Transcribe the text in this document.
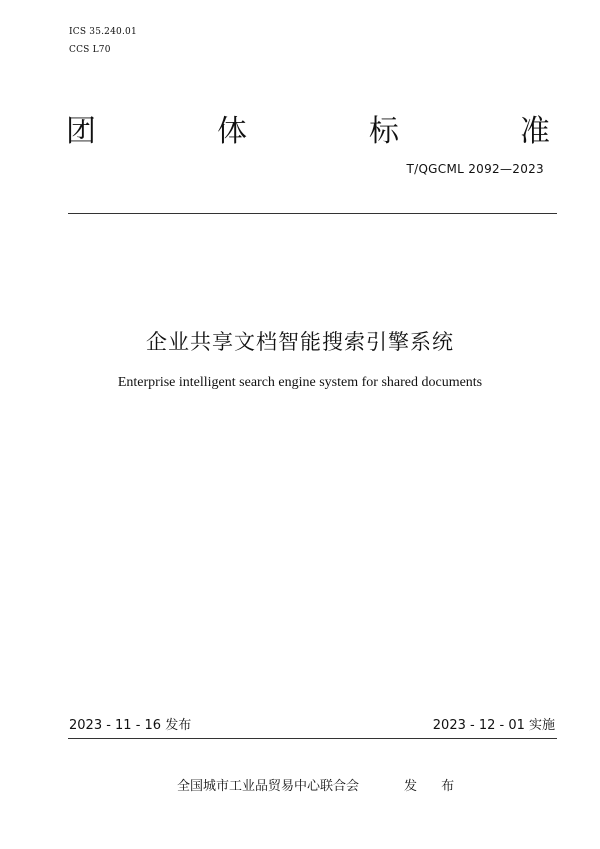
ICS 35.240.01
CCS L70
团	体	标	准
T/QGCML 2092—2023
企业共享文档智能搜索引擎系统
Enterprise intelligent search engine system for shared documents
2023 - 11 - 16 发布	2023 - 12 - 01 实施
全国城市工业品贸易中心联合会	发 布
